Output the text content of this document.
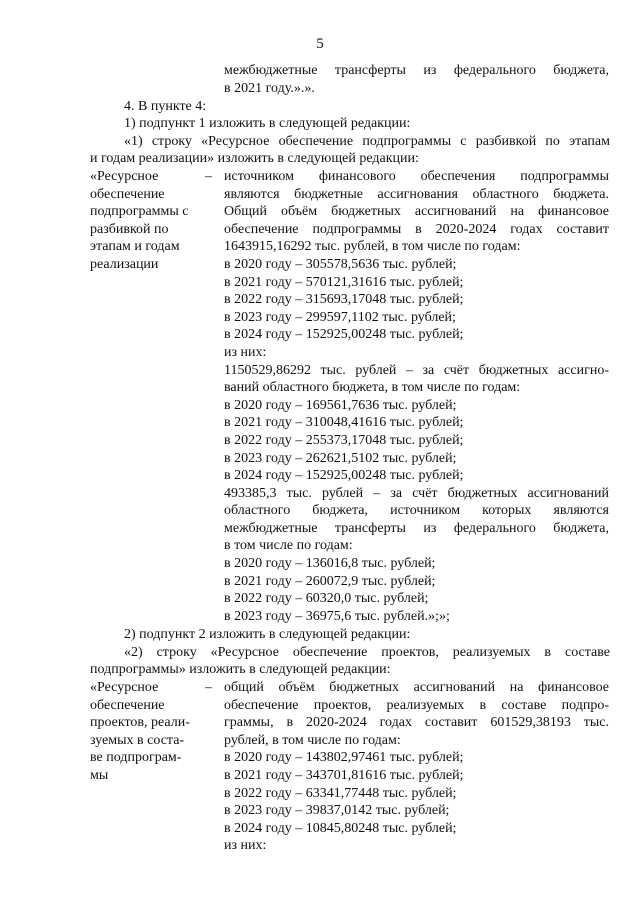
5
межбюджетные трансферты из федерального бюджета,
в 2021 году.».».
4. В пункте 4:
1) подпункт 1 изложить в следующей редакции:
«1) строку «Ресурсное обеспечение подпрограммы с разбивкой по этапам
и годам реализации» изложить в следующей редакции:
«Ресурсное
обеспечение
подпрограммы с
разбивкой по
этапам и годам
реализации
– источником финансового обеспечения подпрограммы
являются бюджетные ассигнования областного бюджета.
Общий объём бюджетных ассигнований на финансовое
обеспечение подпрограммы в 2020-2024 годах составит
1643915,16292 тыс. рублей, в том числе по годам:
в 2020 году – 305578,5636 тыс. рублей;
в 2021 году – 570121,31616 тыс. рублей;
в 2022 году – 315693,17048 тыс. рублей;
в 2023 году – 299597,1102 тыс. рублей;
в 2024 году – 152925,00248 тыс. рублей;
из них:
1150529,86292 тыс. рублей – за счёт бюджетных ассигно-
ваний областного бюджета, в том числе по годам:
в 2020 году – 169561,7636 тыс. рублей;
в 2021 году – 310048,41616 тыс. рублей;
в 2022 году – 255373,17048 тыс. рублей;
в 2023 году – 262621,5102 тыс. рублей;
в 2024 году – 152925,00248 тыс. рублей;
493385,3 тыс. рублей – за счёт бюджетных ассигнований
областного бюджета, источником которых являются
межбюджетные трансферты из федерального бюджета,
в том числе по годам:
в 2020 году – 136016,8 тыс. рублей;
в 2021 году – 260072,9 тыс. рублей;
в 2022 году – 60320,0 тыс. рублей;
в 2023 году – 36975,6 тыс. рублей.»;»;
2) подпункт 2 изложить в следующей редакции:
«2) строку «Ресурсное обеспечение проектов, реализуемых в составе
подпрограммы» изложить в следующей редакции:
«Ресурсное
обеспечение
проектов, реали-
зуемых в соста-
ве подпрограм-
мы
– общий объём бюджетных ассигнований на финансовое
обеспечение проектов, реализуемых в составе подпро-
граммы, в 2020-2024 годах составит 601529,38193 тыс.
рублей, в том числе по годам:
в 2020 году – 143802,97461 тыс. рублей;
в 2021 году – 343701,81616 тыс. рублей;
в 2022 году – 63341,77448 тыс. рублей;
в 2023 году – 39837,0142 тыс. рублей;
в 2024 году – 10845,80248 тыс. рублей;
из них:
